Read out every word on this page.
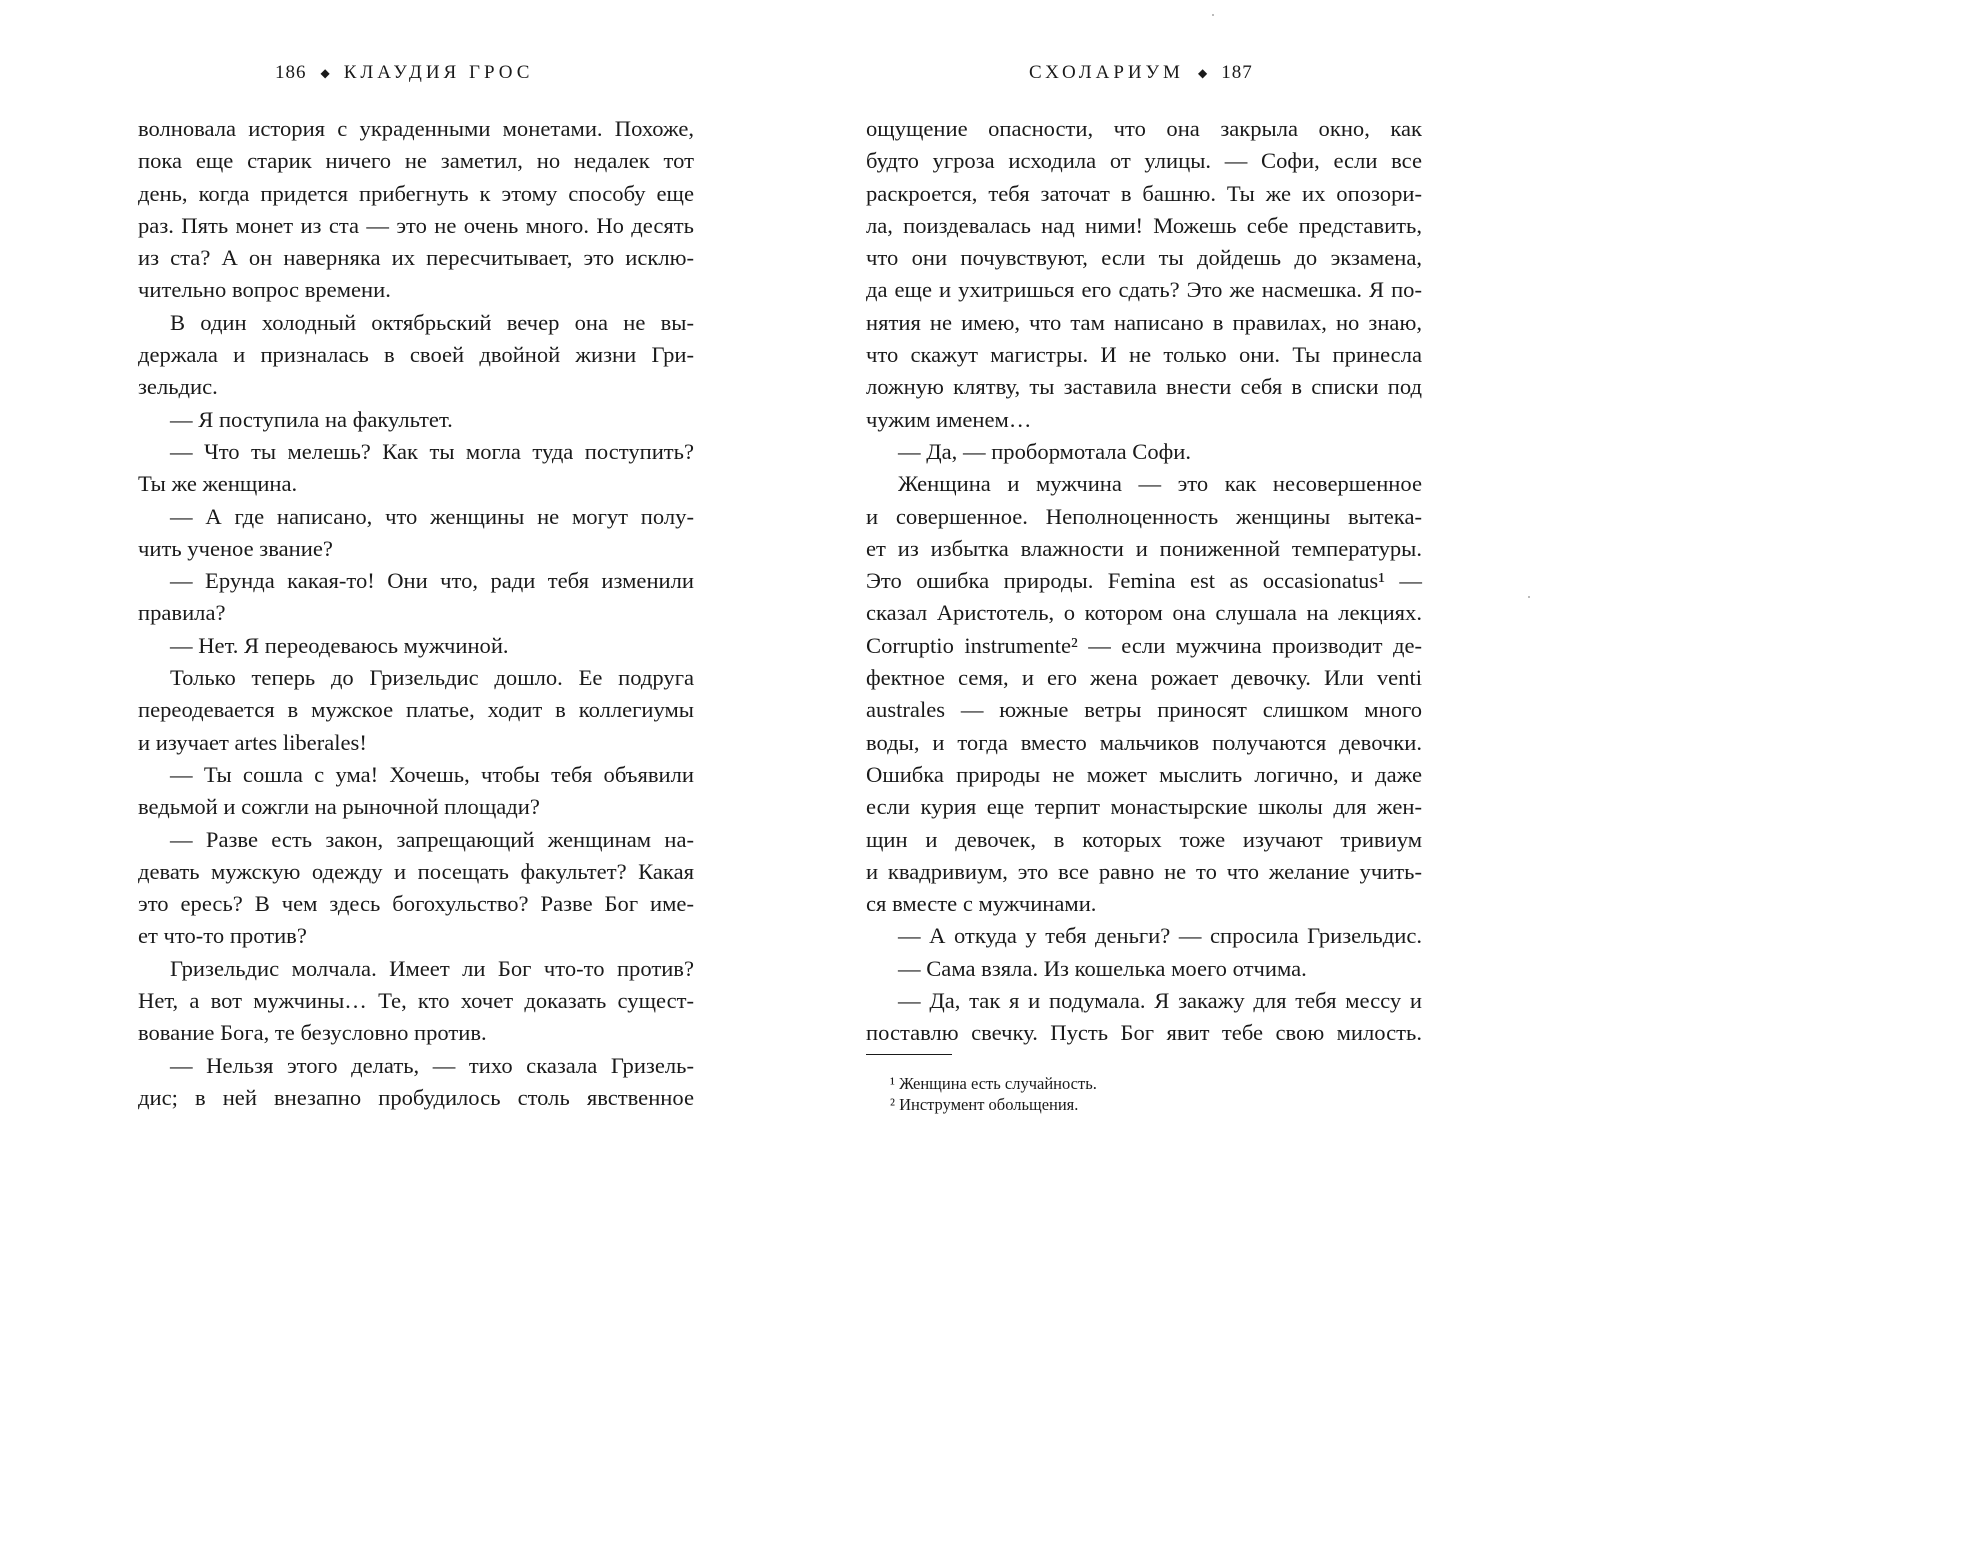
186 ◆ КЛАУДИЯ ГРОС
волновала история с украденными монетами. Похоже,
пока еще старик ничего не заметил, но недалек тот
день, когда придется прибегнуть к этому способу еще
раз. Пять монет из ста — это не очень много. Но десять
из ста? А он наверняка их пересчитывает, это исклю-
чительно вопрос времени.
В один холодный октябрьский вечер она не вы-
держала и призналась в своей двойной жизни Гри-
зельдис.
— Я поступила на факультет.
— Что ты мелешь? Как ты могла туда поступить?
Ты же женщина.
— А где написано, что женщины не могут полу-
чить ученое звание?
— Ерунда какая-то! Они что, ради тебя изменили
правила?
— Нет. Я переодеваюсь мужчиной.
Только теперь до Гризельдис дошло. Ее подруга
переодевается в мужское платье, ходит в коллегиумы
и изучает artes liberales!
— Ты сошла с ума! Хочешь, чтобы тебя объявили
ведьмой и сожгли на рыночной площади?
— Разве есть закон, запрещающий женщинам на-
девать мужскую одежду и посещать факультет? Какая
это ересь? В чем здесь богохульство? Разве Бог име-
ет что-то против?
Гризельдис молчала. Имеет ли Бог что-то против?
Нет, а вот мужчины… Те, кто хочет доказать сущест-
вование Бога, те безусловно против.
— Нельзя этого делать, — тихо сказала Гризель-
дис; в ней внезапно пробудилось столь явственное
СХОЛАРИУМ ◆ 187
ощущение опасности, что она закрыла окно, как
будто угроза исходила от улицы. — Софи, если все
раскроется, тебя заточат в башню. Ты же их опозори-
ла, поиздевалась над ними! Можешь себе представить,
что они почувствуют, если ты дойдешь до экзамена,
да еще и ухитришься его сдать? Это же насмешка. Я по-
нятия не имею, что там написано в правилах, но знаю,
что скажут магистры. И не только они. Ты принесла
ложную клятву, ты заставила внести себя в списки под
чужим именем…
— Да, — пробормотала Софи.
Женщина и мужчина — это как несовершенное
и совершенное. Неполноценность женщины вытека-
ет из избытка влажности и пониженной температуры.
Это ошибка природы. Femina est as occasionatus¹ —
сказал Аристотель, о котором она слушала на лекциях.
Corruptio instrumente² — если мужчина производит де-
фектное семя, и его жена рожает девочку. Или venti
australes — южные ветры приносят слишком много
воды, и тогда вместо мальчиков получаются девочки.
Ошибка природы не может мыслить логично, и даже
если курия еще терпит монастырские школы для жен-
щин и девочек, в которых тоже изучают тривиум
и квадривиум, это все равно не то что желание учить-
ся вместе с мужчинами.
— А откуда у тебя деньги? — спросила Гризельдис.
— Сама взяла. Из кошелька моего отчима.
— Да, так я и подумала. Я закажу для тебя мессу и
поставлю свечку. Пусть Бог явит тебе свою милость.
¹ Женщина есть случайность.
² Инструмент обольщения.
